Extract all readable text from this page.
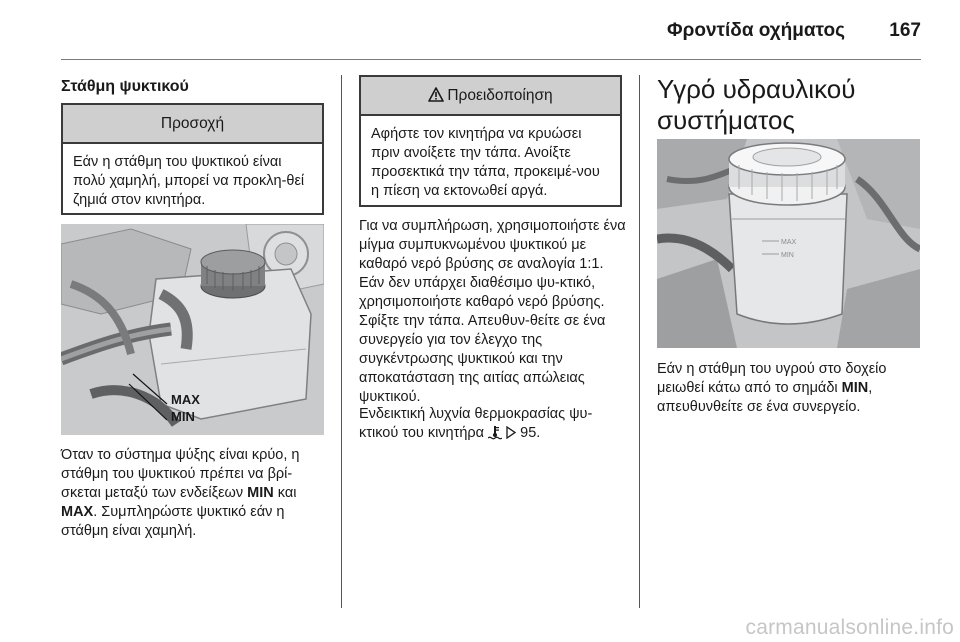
Φροντίδα οχήματος 167
Στάθμη ψυκτικού
Προσοχή
Εάν η στάθμη του ψυκτικού είναι πολύ χαμηλή, μπορεί να προκλη-θεί ζημιά στον κινητήρα.
MAX
MIN
Όταν το σύστημα ψύξης είναι κρύο, η στάθμη του ψυκτικού πρέπει να βρί-σκεται μεταξύ των ενδείξεων MIN και MAX. Συμπληρώστε ψυκτικό εάν η στάθμη είναι χαμηλή.
Προειδοποίηση
Αφήστε τον κινητήρα να κρυώσει πριν ανοίξετε την τάπα. Ανοίξτε προσεκτικά την τάπα, προκειμέ-νου η πίεση να εκτονωθεί αργά.
Για να συμπλήρωση, χρησιμοποιήστε ένα μίγμα συμπυκνωμένου ψυκτικού με καθαρό νερό βρύσης σε αναλογία 1:1. Εάν δεν υπάρχει διαθέσιμο ψυ-κτικό, χρησιμοποιήστε καθαρό νερό βρύσης. Σφίξτε την τάπα. Απευθυν-θείτε σε ένα συνεργείο για τον έλεγχο της συγκέντρωσης ψυκτικού και την αποκατάσταση της αιτίας απώλειας ψυκτικού.
Ενδεικτική λυχνία θερμοκρασίας ψυ-κτικού του κινητήρα   95.
Υγρό υδραυλικού συστήματος
MAX
MIN
Εάν η στάθμη του υγρού στο δοχείο μειωθεί κάτω από το σημάδι MIN, απευθυνθείτε σε ένα συνεργείο.
carmanualsonline.info
